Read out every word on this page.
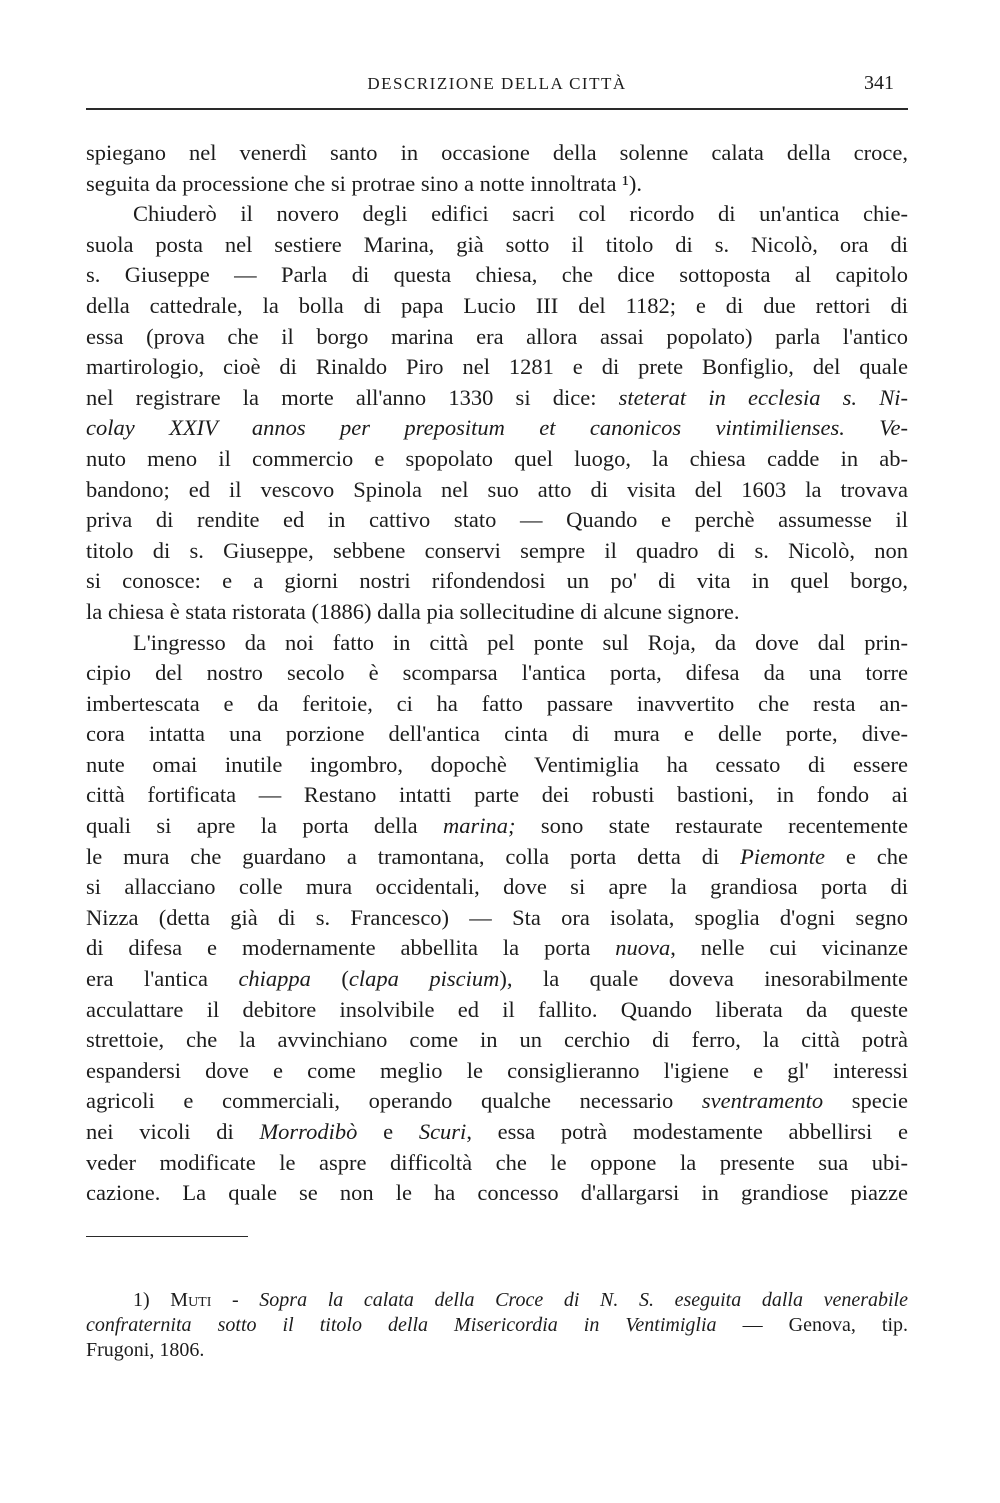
DESCRIZIONE DELLA CITTÀ	341
spiegano nel venerdì santo in occasione della solenne calata della croce,
seguita da processione che si protrae sino a notte innoltrata ¹).
Chiuderò il novero degli edifici sacri col ricordo di un'antica chie-
suola posta nel sestiere Marina, già sotto il titolo di s. Nicolò, ora di
s. Giuseppe — Parla di questa chiesa, che dice sottoposta al capitolo
della cattedrale, la bolla di papa Lucio III del 1182; e di due rettori di
essa (prova che il borgo marina era allora assai popolato) parla l'antico
martirologio, cioè di Rinaldo Piro nel 1281 e di prete Bonfiglio, del quale
nel registrare la morte all'anno 1330 si dice: steterat in ecclesia s. Ni-
colay XXIV annos per prepositum et canonicos vintimilienses. Ve-
nuto meno il commercio e spopolato quel luogo, la chiesa cadde in ab-
bandono; ed il vescovo Spinola nel suo atto di visita del 1603 la trovava
priva di rendite ed in cattivo stato — Quando e perchè assumesse il
titolo di s. Giuseppe, sebbene conservi sempre il quadro di s. Nicolò, non
si conosce: e a giorni nostri rifondendosi un po' di vita in quel borgo,
la chiesa è stata ristorata (1886) dalla pia sollecitudine di alcune signore.
L'ingresso da noi fatto in città pel ponte sul Roja, da dove dal prin-
cipio del nostro secolo è scomparsa l'antica porta, difesa da una torre
imbertescata e da feritoie, ci ha fatto passare inavvertito che resta an-
cora intatta una porzione dell'antica cinta di mura e delle porte, dive-
nute omai inutile ingombro, dopochè Ventimiglia ha cessato di essere
città fortificata — Restano intatti parte dei robusti bastioni, in fondo ai
quali si apre la porta della marina; sono state restaurate recentemente
le mura che guardano a tramontana, colla porta detta di Piemonte e che
si allacciano colle mura occidentali, dove si apre la grandiosa porta di
Nizza (detta già di s. Francesco) — Sta ora isolata, spoglia d'ogni segno
di difesa e modernamente abbellita la porta nuova, nelle cui vicinanze
era l'antica chiappa (clapa piscium), la quale doveva inesorabilmente
acculattare il debitore insolvibile ed il fallito. Quando liberata da queste
strettoie, che la avvinchiano come in un cerchio di ferro, la città potrà
espandersi dove e come meglio le consiglieranno l'igiene e gl' interessi
agricoli e commerciali, operando qualche necessario sventramento specie
nei vicoli di Morrodibò e Scuri, essa potrà modestamente abbellirsi e
veder modificate le aspre difficoltà che le oppone la presente sua ubi-
cazione. La quale se non le ha concesso d'allargarsi in grandiose piazze
1) Muti - Sopra la calata della Croce di N. S. eseguita dalla venerabile
confraternita sotto il titolo della Misericordia in Ventimiglia — Genova, tip.
Frugoni, 1806.
